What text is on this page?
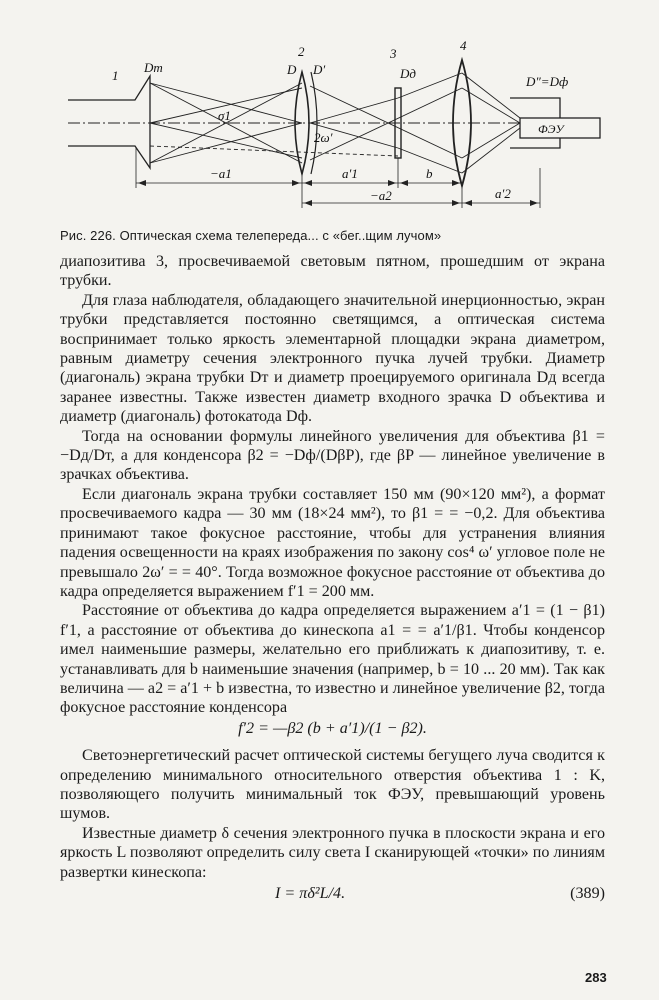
1
Dт
2
D D′
3
Dд
4
D″=Dф
σ1
2ω′
ФЭУ
−a1	a′1	b
−a2	a′2
Рис. 226. Оптическая схема телепереда... с «бег..щим лучом»

диапозитива 3, просвечиваемой световым пятном, прошедшим от экрана трубки.

Для глаза наблюдателя, обладающего значительной инерционностью, экран трубки представляется постоянно светящимся, а оптическая система воспринимает только яркость элементарной площадки экрана диаметром, равным диаметру сечения электронного пучка лучей трубки. Диаметр (диагональ) экрана трубки Dт и диаметр проецируемого оригинала Dд всегда заранее известны. Также известен диаметр входного зрачка D объектива и диаметр (диагональ) фотокатода Dф.

Тогда на основании формулы линейного увеличения для объектива β1 = −Dд/Dт, а для конденсора β2 = −Dф/(DβP), где βP — линейное увеличение в зрачках объектива.

Если диагональ экрана трубки составляет 150 мм (90×120 мм²), а формат просвечиваемого кадра — 30 мм (18×24 мм²), то β1 = = −0,2. Для объектива принимают такое фокусное расстояние, чтобы для устранения влияния падения освещенности на краях изображения по закону cos⁴ ω′ угловое поле не превышало 2ω′ = = 40°. Тогда возможное фокусное расстояние от объектива до кадра определяется выражением f′1 = 200 мм.

Расстояние от объектива до кадра определяется выражением a′1 = (1 − β1) f′1, а расстояние от объектива до кинескопа a1 = = a′1/β1. Чтобы конденсор имел наименьшие размеры, желательно его приближать к диапозитиву, т. е. устанавливать для b наименьшие значения (например, b = 10 ... 20 мм). Так как величина — a2 = a′1 + b известна, то известно и линейное увеличение β2, тогда фокусное расстояние конденсора

f′2 = —β2 (b + a′1)/(1 − β2).

Светоэнергетический расчет оптической системы бегущего луча сводится к определению минимального относительного отверстия объектива 1 : K, позволяющего получить минимальный ток ФЭУ, превышающий уровень шумов.

Известные диаметр δ сечения электронного пучка в плоскости экрана и его яркость L позволяют определить силу света I сканирующей «точки» по линиям развертки кинескопа:

I = πδ²L/4.	(389)
283
